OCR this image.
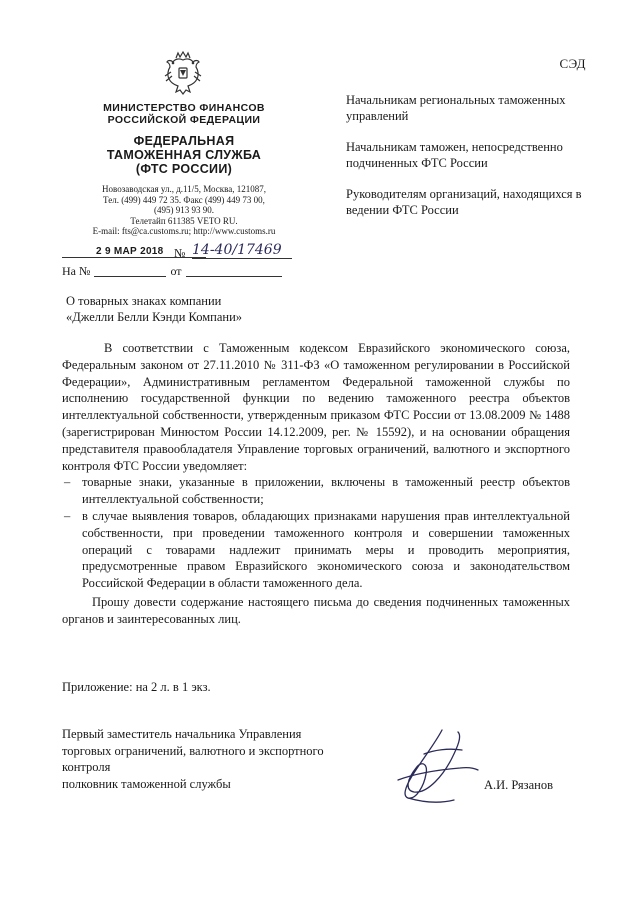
СЭД
МИНИСТЕРСТВО ФИНАНСОВ
РОССИЙСКОЙ ФЕДЕРАЦИИ
ФЕДЕРАЛЬНАЯ
ТАМОЖЕННАЯ СЛУЖБА
(ФТС РОССИИ)
Новозаводская ул., д.11/5, Москва, 121087,
Тел. (499) 449 72 35. Факс (499) 449 73 00,
(495) 913 93 90.
Телетайп 611385 VETO RU.
E-mail: fts@ca.customs.ru; http://www.customs.ru
Начальникам региональных таможенных управлений
Начальникам таможен, непосредственно подчиненных ФТС России
Руководителям организаций, находящихся в ведении ФТС России
2 9 МАР 2018 № 14-40/17469
На №	от
О товарных знаках компании
«Джелли Белли Кэнди Компани»

В соответствии с Таможенным кодексом Евразийского экономического союза, Федеральным законом от 27.11.2010 № 311-ФЗ «О таможенном регулировании в Российской Федерации», Административным регламентом Федеральной таможенной службы по исполнению государственной функции по ведению таможенного реестра объектов интеллектуальной собственности, утвержденным приказом ФТС России от 13.08.2009 № 1488 (зарегистрирован Минюстом России 14.12.2009, рег. № 15592), и на основании обращения представителя правообладателя Управление торговых ограничений, валютного и экспортного контроля ФТС России уведомляет:

– товарные знаки, указанные в приложении, включены в таможенный реестр объектов интеллектуальной собственности;

– в случае выявления товаров, обладающих признаками нарушения прав интеллектуальной собственности, при проведении таможенного контроля и совершении таможенных операций с товарами надлежит принимать меры и проводить мероприятия, предусмотренные правом Евразийского экономического союза и законодательством Российской Федерации в области таможенного дела.

Прошу довести содержание настоящего письма до сведения подчиненных таможенных органов и заинтересованных лиц.

Приложение: на 2 л. в 1 экз.
Первый заместитель начальника Управления
торговых ограничений, валютного и экспортного
контроля
полковник таможенной службы	А.И. Рязанов
